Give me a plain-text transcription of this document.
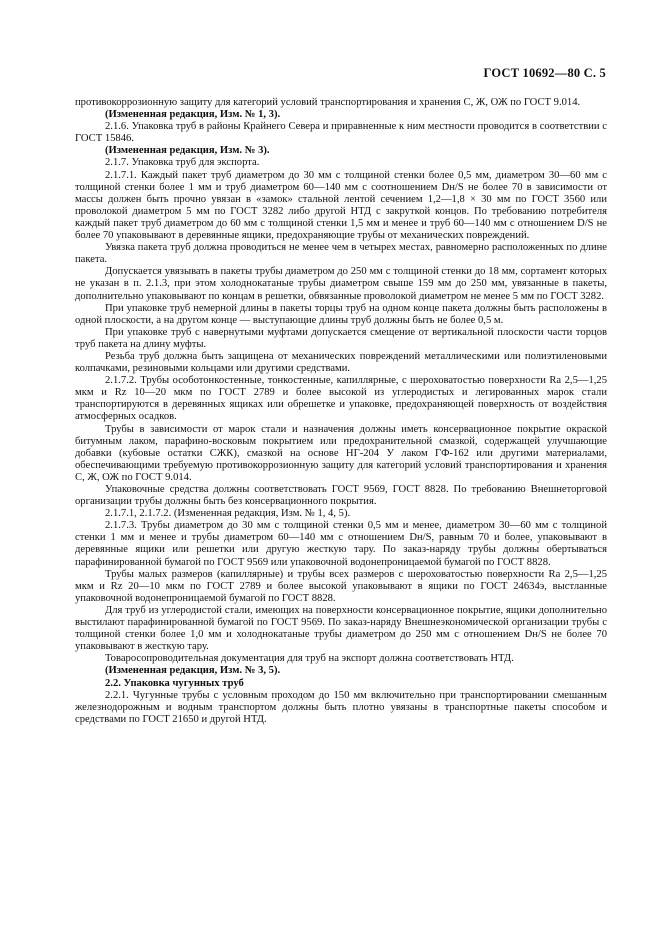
ГОСТ 10692—80 С. 5

противокоррозионную защиту для категорий условий транспортирования и хранения С, Ж, ОЖ по ГОСТ 9.014.

(Измененная редакция, Изм. № 1, 3).

2.1.6. Упаковка труб в районы Крайнего Севера и приравненные к ним местности проводится в соответствии с ГОСТ 15846.

(Измененная редакция, Изм. № 3).

2.1.7. Упаковка труб для экспорта.

2.1.7.1. Каждый пакет труб диаметром до 30 мм с толщиной стенки более 0,5 мм, диаметром 30—60 мм с толщиной стенки более 1 мм и труб диаметром 60—140 мм с соотношением Dн/S не более 70 в зависимости от массы должен быть прочно увязан в «замок» стальной лентой сечением 1,2—1,8 × 30 мм по ГОСТ 3560 или проволокой диаметром 5 мм по ГОСТ 3282 либо другой НТД с закруткой концов. По требованию потребителя каждый пакет труб диаметром до 60 мм с толщиной стенки 1,5 мм и менее и труб 60—140 мм с отношением D/S не более 70 упаковывают в деревянные ящики, предохраняющие трубы от механических повреждений.

Увязка пакета труб должна проводиться не менее чем в четырех местах, равномерно расположенных по длине пакета.

Допускается увязывать в пакеты трубы диаметром до 250 мм с толщиной стенки до 18 мм, сортамент которых не указан в п. 2.1.3, при этом холоднокатаные трубы диаметром свыше 159 мм до 250 мм, увязанные в пакеты, дополнительно упаковывают по концам в решетки, обвязанные проволокой диаметром не менее 5 мм по ГОСТ 3282.

При упаковке труб немерной длины в пакеты торцы труб на одном конце пакета должны быть расположены в одной плоскости, а на другом конце — выступающие длины труб должны быть не более 0,5 м.

При упаковке труб с навернутыми муфтами допускается смещение от вертикальной плоскости части торцов труб пакета на длину муфты.

Резьба труб должна быть защищена от механических повреждений металлическими или полиэтиленовыми колпачками, резиновыми кольцами или другими средствами.

2.1.7.2. Трубы особотонкостенные, тонкостенные, капиллярные, с шероховатостью поверхности Ra 2,5—1,25 мкм и Rz 10—20 мкм по ГОСТ 2789 и более высокой из углеродистых и легированных марок стали транспортируются в деревянных ящиках или обрешетке и упаковке, предохраняющей поверхность от воздействия атмосферных осадков.

Трубы в зависимости от марок стали и назначения должны иметь консервационное покрытие окраской битумным лаком, парафино-восковым покрытием или предохранительной смазкой, содержащей улучшающие добавки (кубовые остатки СЖК), смазкой на основе НГ-204 У лаком ГФ-162 или другими материалами, обеспечивающими требуемую противокоррозионную защиту для категорий условий транспортирования и хранения С, Ж, ОЖ по ГОСТ 9.014.

Упаковочные средства должны соответствовать ГОСТ 9569, ГОСТ 8828. По требованию Внешнеторговой организации трубы должны быть без консервационного покрытия.

2.1.7.1, 2.1.7.2. (Измененная редакция, Изм. № 1, 4, 5).

2.1.7.3. Трубы диаметром до 30 мм с толщиной стенки 0,5 мм и менее, диаметром 30—60 мм с толщиной стенки 1 мм и менее и трубы диаметром 60—140 мм с отношением Dн/S, равным 70 и более, упаковывают в деревянные ящики или решетки или другую жесткую тару. По заказ-наряду трубы должны обертываться парафинированной бумагой по ГОСТ 9569 или упаковочной водонепроницаемой бумагой по ГОСТ 8828.

Трубы малых размеров (капиллярные) и трубы всех размеров с шероховатостью поверхности Ra 2,5—1,25 мкм и Rz 20—10 мкм по ГОСТ 2789 и более высокой упаковывают в ящики по ГОСТ 24634э, выстланные упаковочной водонепроницаемой бумагой по ГОСТ 8828.

Для труб из углеродистой стали, имеющих на поверхности консервационное покрытие, ящики дополнительно выстилают парафинированной бумагой по ГОСТ 9569. По заказ-наряду Внешнеэкономической организации трубы с толщиной стенки более 1,0 мм и холоднокатаные трубы диаметром до 250 мм с отношением Dн/S не более 70 упаковывают в жесткую тару.

Товаросопроводительная документация для труб на экспорт должна соответствовать НТД.

(Измененная редакция, Изм. № 3, 5).

2.2. Упаковка чугунных труб

2.2.1. Чугунные трубы с условным проходом до 150 мм включительно при транспортировании смешанным железнодорожным и водным транспортом должны быть плотно увязаны в транспортные пакеты способом и средствами по ГОСТ 21650 и другой НТД.
